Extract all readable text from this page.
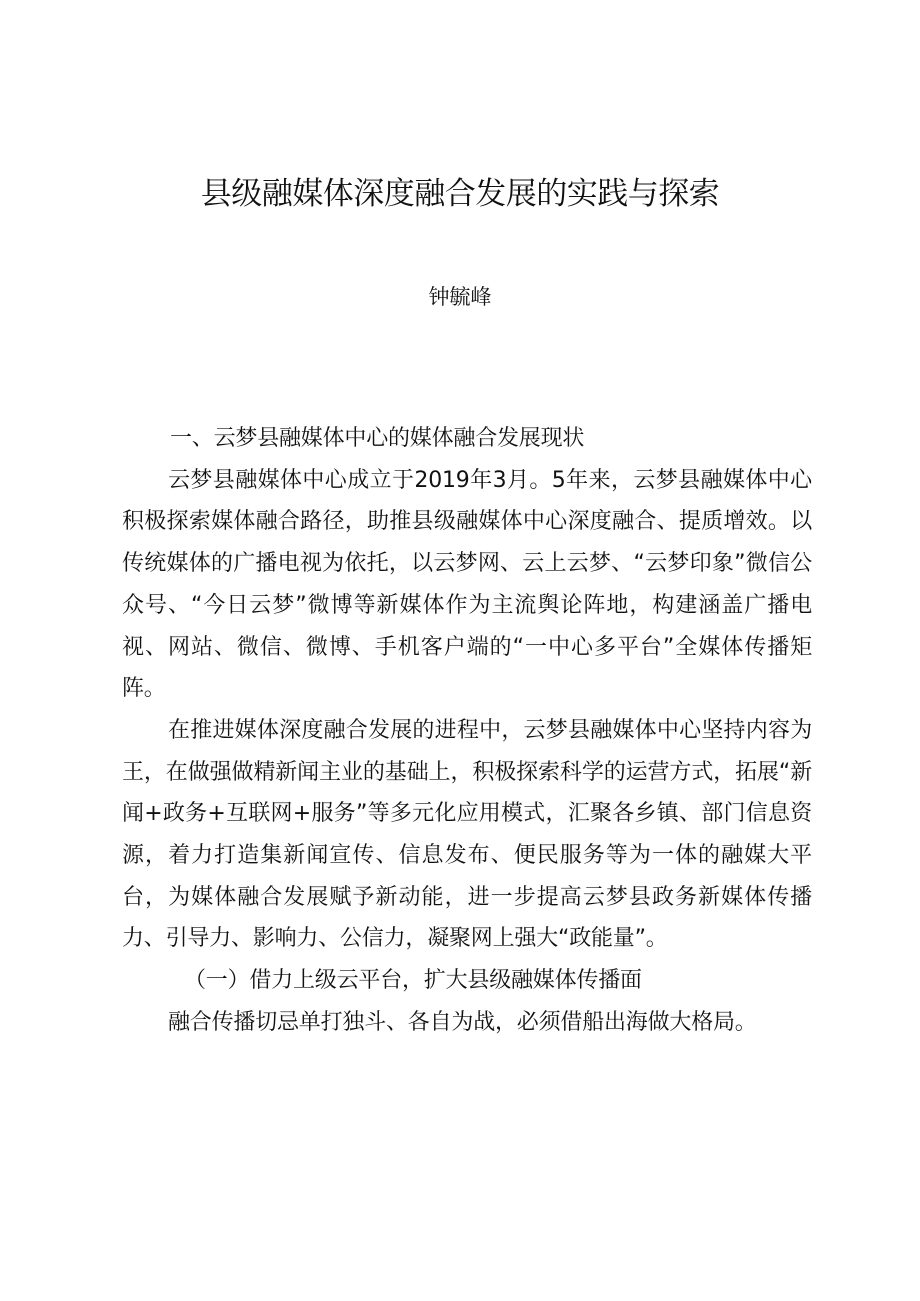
县级融媒体深度融合发展的实践与探索
钟毓峰

一、云梦县融媒体中心的媒体融合发展现状

云梦县融媒体中心成立于2019年3月。5年来，云梦县融媒体中心积极探索媒体融合路径，助推县级融媒体中心深度融合、提质增效。以传统媒体的广播电视为依托，以云梦网、云上云梦、“云梦印象”微信公众号、“今日云梦”微博等新媒体作为主流舆论阵地，构建涵盖广播电视、网站、微信、微博、手机客户端的“一中心多平台”全媒体传播矩阵。

在推进媒体深度融合发展的进程中，云梦县融媒体中心坚持内容为王，在做强做精新闻主业的基础上，积极探索科学的运营方式，拓展“新闻+政务+互联网+服务”等多元化应用模式，汇聚各乡镇、部门信息资源，着力打造集新闻宣传、信息发布、便民服务等为一体的融媒大平台，为媒体融合发展赋予新动能，进一步提高云梦县政务新媒体传播力、引导力、影响力、公信力，凝聚网上强大“政能量”。

（一）借力上级云平台，扩大县级融媒体传播面

融合传播切忌单打独斗、各自为战，必须借船出海做大格局。
